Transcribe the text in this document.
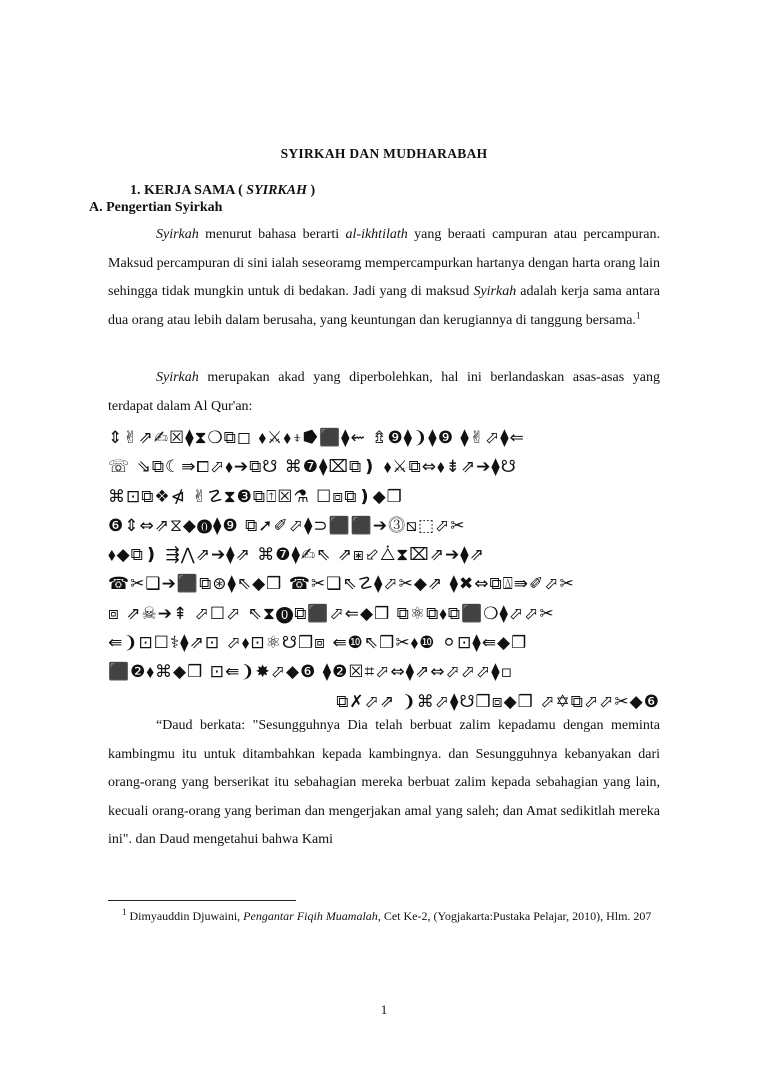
SYIRKAH DAN MUDHARABAH
1. KERJA SAMA ( SYIRKAH )
A. Pengertian Syirkah

Syirkah menurut bahasa berarti al-ikhtilath yang beraati campuran atau percampuran. Maksud percampuran di sini ialah seseoramg mempercampurkan hartanya dengan harta orang lain sehingga tidak mungkin untuk di bedakan. Jadi yang di maksud Syirkah adalah kerja sama antara dua orang atau lebih dalam berusaha, yang keuntungan dan kerugiannya di tanggung bersama.$^1$

Syirkah merupakan akad yang diperbolehkan, hal ini berlandaskan asas-asas yang terdapat dalam Al Qur'an:

⇕✌⇗✍☒⧫⧗❍⧉◻ ⬧⚔⬧⍖⭓⬛⧫⇜ ⇯❾⧫❩⧫❾ ⧫✌⬀⧫⇐
☏ ⇘⧉☾⇛⧠⬀⬧➔⧉☋ ⌘❼⧫⌧⧉❫ ⬧⚔⧉⇔⬧⇟⇗➔⧫☋
⌘⊡⧉❖⋪ ✌☡⧗❸⧉⍐☒⚗ ☐⧈⧉❫◆❒
❻⇕⇔⇗⧖◆⓿⧫❾ ⧉➚✐⬀⧫⊃⬛⬛➔⓷⧅⬚⬀✂
⬧◆⧉❫ ⇶⋀⇗➔⧫⇗ ⌘❼⧫✍⇖ ⇗⧆⬃⧊⧗⌧⇗➔⧫⇗
☎✂❑➔⬛⧉⊛⧫⇖◆❒ ☎✂❑⇖☡⧫⬀✂◆⇗ ⧫✖⇔⧉⍍⇛✐⬀✂
⧈ ⇗☠➔⇞ ⬀☐⬀ ⇖⧗⓿⧉⬛⬀⇐◆❒ ⧉⚛⧉⬧⧉⬛❍⧫⬀⬀✂
⇚❩⊡☐⚕⧫⇗⊡ ⬀⬧⊡⚛☋❒⧈ ⇚❿⇖❒✂⬧❿ ⚪⊡⧫⇚◆❒
⬛❷⬧⌘◆❒ ⊡⇚❩✸⬀◆❻ ⧫❷☒⌗⬀⇔⧫⇗⇔⬀⬀⬀⧫▫
⧉✗⬀⇗ ❩⌘⬀⧫☋❒⧈◆❒ ⬀✡⧉⬀⬀✂◆❻

“Daud berkata: "Sesungguhnya Dia telah berbuat zalim kepadamu dengan meminta kambingmu itu untuk ditambahkan kepada kambingnya. dan Sesungguhnya kebanyakan dari orang-orang yang berserikat itu sebahagian mereka berbuat zalim kepada sebahagian yang lain, kecuali orang-orang yang beriman dan mengerjakan amal yang saleh; dan Amat sedikitlah mereka ini". dan Daud mengetahui bahwa Kami

$^1$ Dimyauddin Djuwaini, Pengantar Fiqih Muamalah, Cet Ke-2, (Yogjakarta:Pustaka Pelajar, 2010), Hlm. 207

1
